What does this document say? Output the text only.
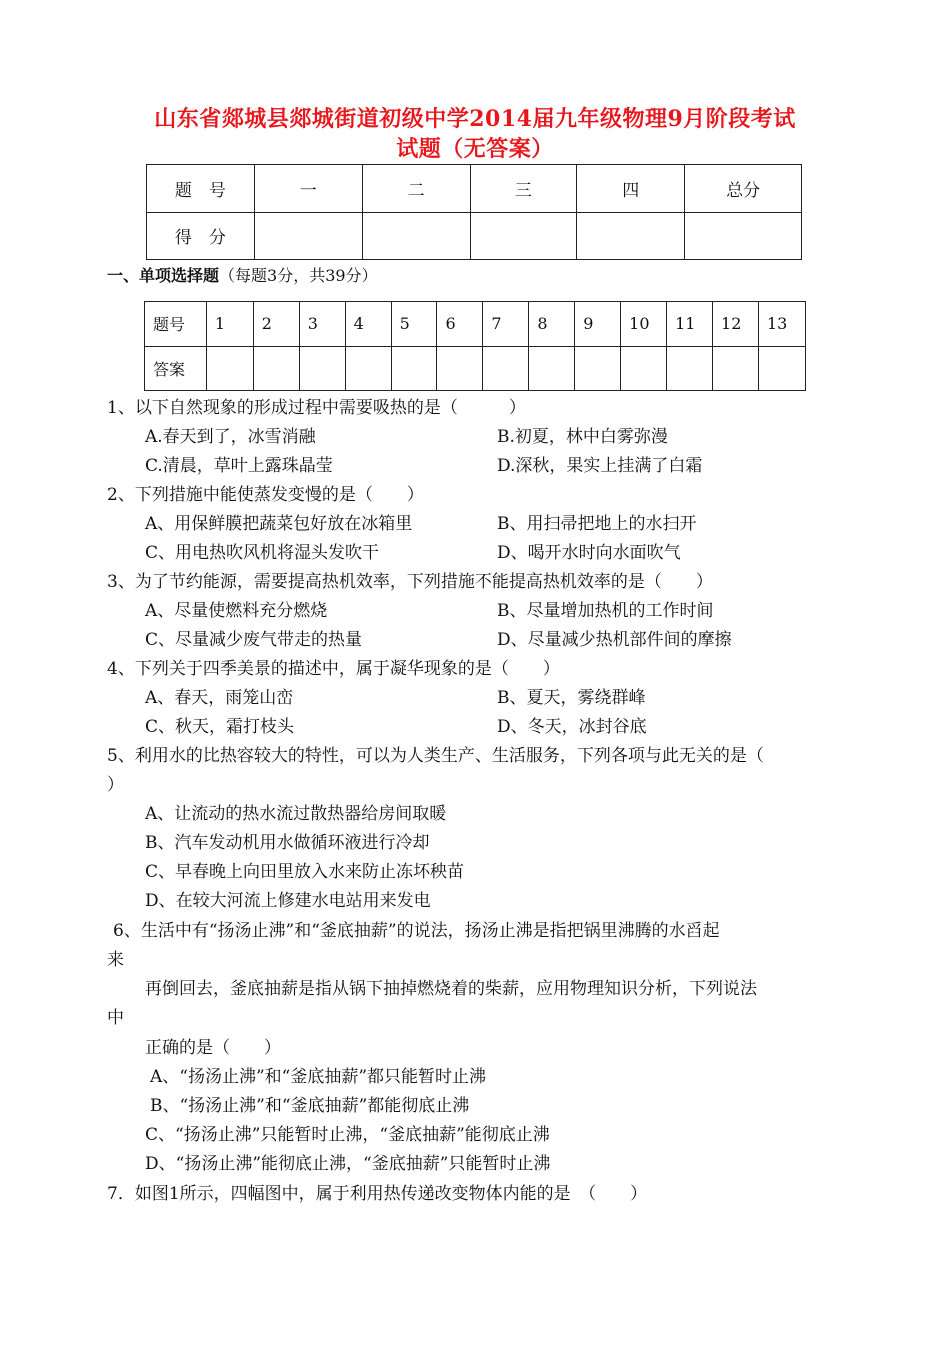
山东省郯城县郯城街道初级中学2014届九年级物理9月阶段考试
试题（无答案）
题　号	一	二	三	四	总分
得　分					
一、单项选择题（每题3分，共39分）
题号	1	2	3	4	5	6	7	8	9	10	11	12	13
答案													
1、以下自然现象的形成过程中需要吸热的是（　　　）
A.春天到了，冰雪消融	B.初夏，林中白雾弥漫
C.清晨，草叶上露珠晶莹	D.深秋，果实上挂满了白霜
2、下列措施中能使蒸发变慢的是（　　）
A、用保鲜膜把蔬菜包好放在冰箱里	B、用扫帚把地上的水扫开
C、用电热吹风机将湿头发吹干	D、喝开水时向水面吹气
3、为了节约能源，需要提高热机效率，下列措施不能提高热机效率的是（　　）
A、尽量使燃料充分燃烧	B、尽量增加热机的工作时间
C、尽量减少废气带走的热量	D、尽量减少热机部件间的摩擦
4、下列关于四季美景的描述中，属于凝华现象的是（　　）
A、春天，雨笼山峦	B、夏天，雾绕群峰
C、秋天，霜打枝头	D、冬天，冰封谷底
5、利用水的比热容较大的特性，可以为人类生产、生活服务，下列各项与此无关的是（
）
A、让流动的热水流过散热器给房间取暖
B、汽车发动机用水做循环液进行冷却
C、早春晚上向田里放入水来防止冻坏秧苗
D、在较大河流上修建水电站用来发电
6、生活中有“扬汤止沸”和“釜底抽薪”的说法，扬汤止沸是指把锅里沸腾的水舀起
来
再倒回去，釜底抽薪是指从锅下抽掉燃烧着的柴薪，应用物理知识分析，下列说法
中
正确的是（　　）
A、“扬汤止沸”和“釜底抽薪”都只能暂时止沸
B、“扬汤止沸”和“釜底抽薪”都能彻底止沸
C、“扬汤止沸”只能暂时止沸，“釜底抽薪”能彻底止沸
D、“扬汤止沸”能彻底止沸，“釜底抽薪”只能暂时止沸
7．如图1所示，四幅图中，属于利用热传递改变物体内能的是　（　　）
